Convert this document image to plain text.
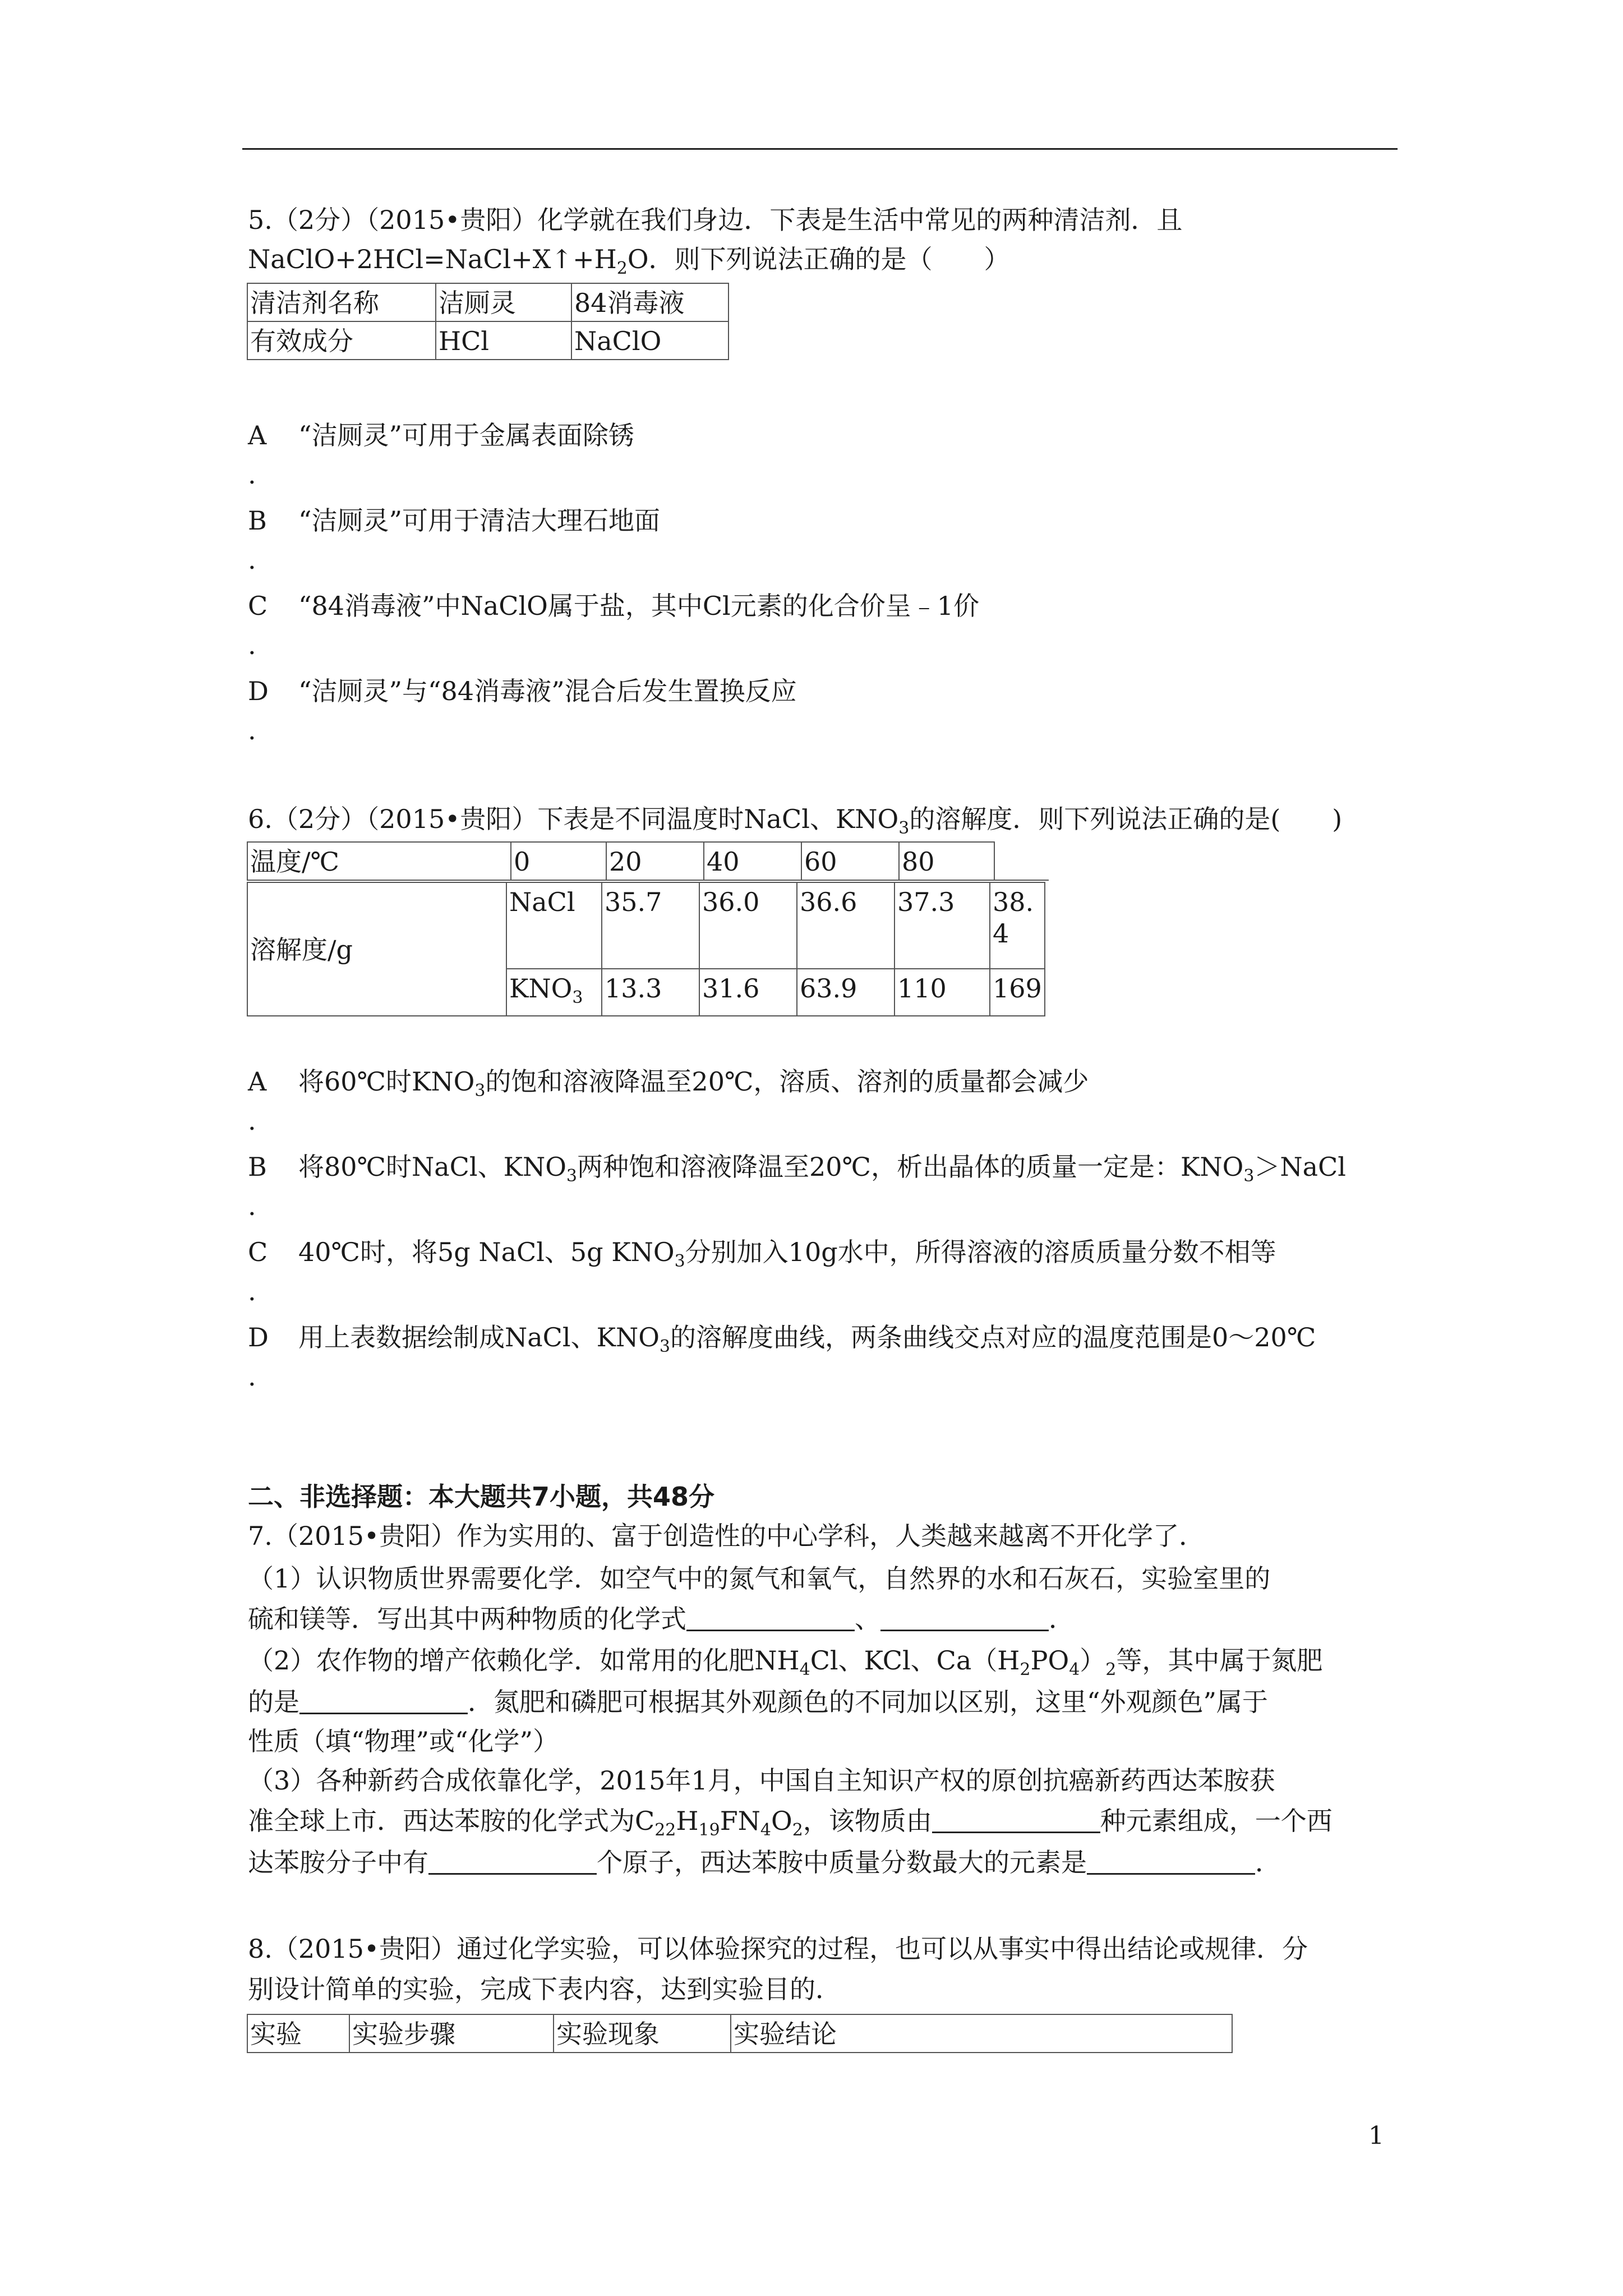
5.（2分）（2015•贵阳）化学就在我们身边．下表是生活中常见的两种清洁剂．且
$NaClO+2HCl=NaCl+X↑+H_2O$．则下列说法正确的是（　　）
清洁剂名称	洁厕灵	84消毒液
有效成分	HCl	NaClO
A “洁厕灵”可用于金属表面除锈
.
B “洁厕灵”可用于清洁大理石地面
.
C “84消毒液”中NaClO属于盐，其中Cl元素的化合价呈﹣1价
.
D “洁厕灵”与“84消毒液”混合后发生置换反应
.
6.（2分）（2015•贵阳）下表是不同温度时NaCl、$KNO_3$的溶解度．则下列说法正确的是(　　)
温度/℃	0	20	40	60	80	
溶解度/g	NaCl	35.7	36.0	36.6	37.3	38.
4
	$KNO_3$	13.3	31.6	63.9	110	169
A 将60℃时$KNO_3$的饱和溶液降温至20℃，溶质、溶剂的质量都会减少
.
B 将80℃时NaCl、$KNO_3$两种饱和溶液降温至20℃，析出晶体的质量一定是：$KNO_3>NaCl$
.
C 40℃时，将5g NaCl、5g $KNO_3$分别加入10g水中，所得溶液的溶质质量分数不相等
.
D 用上表数据绘制成NaCl、$KNO_3$的溶解度曲线，两条曲线交点对应的温度范围是0～20℃
.
二、非选择题：本大题共7小题，共48分
7.（2015•贵阳）作为实用的、富于创造性的中心学科，人类越来越离不开化学了．
（1）认识物质世界需要化学．如空气中的氮气和氧气，自然界的水和石灰石，实验室里的
硫和镁等．写出其中两种物质的化学式	、	．
（2）农作物的增产依赖化学．如常用的化肥$NH_4Cl$、KCl、$Ca(H_2PO_4)_2$等，其中属于氮肥
的是	．氮肥和磷肥可根据其外观颜色的不同加以区别，这里“外观颜色”属于
性质（填“物理”或“化学”）
（3）各种新药合成依靠化学，2015年1月，中国自主知识产权的原创抗癌新药西达苯胺获
准全球上市．西达苯胺的化学式为$C_{22}H_{19}FN_4O_2$，该物质由	种元素组成，一个西
达苯胺分子中有	个原子，西达苯胺中质量分数最大的元素是	．
8.（2015•贵阳）通过化学实验，可以体验探究的过程，也可以从事实中得出结论或规律．分
别设计简单的实验，完成下表内容，达到实验目的．
实验	实验步骤	实验现象	实验结论
1
